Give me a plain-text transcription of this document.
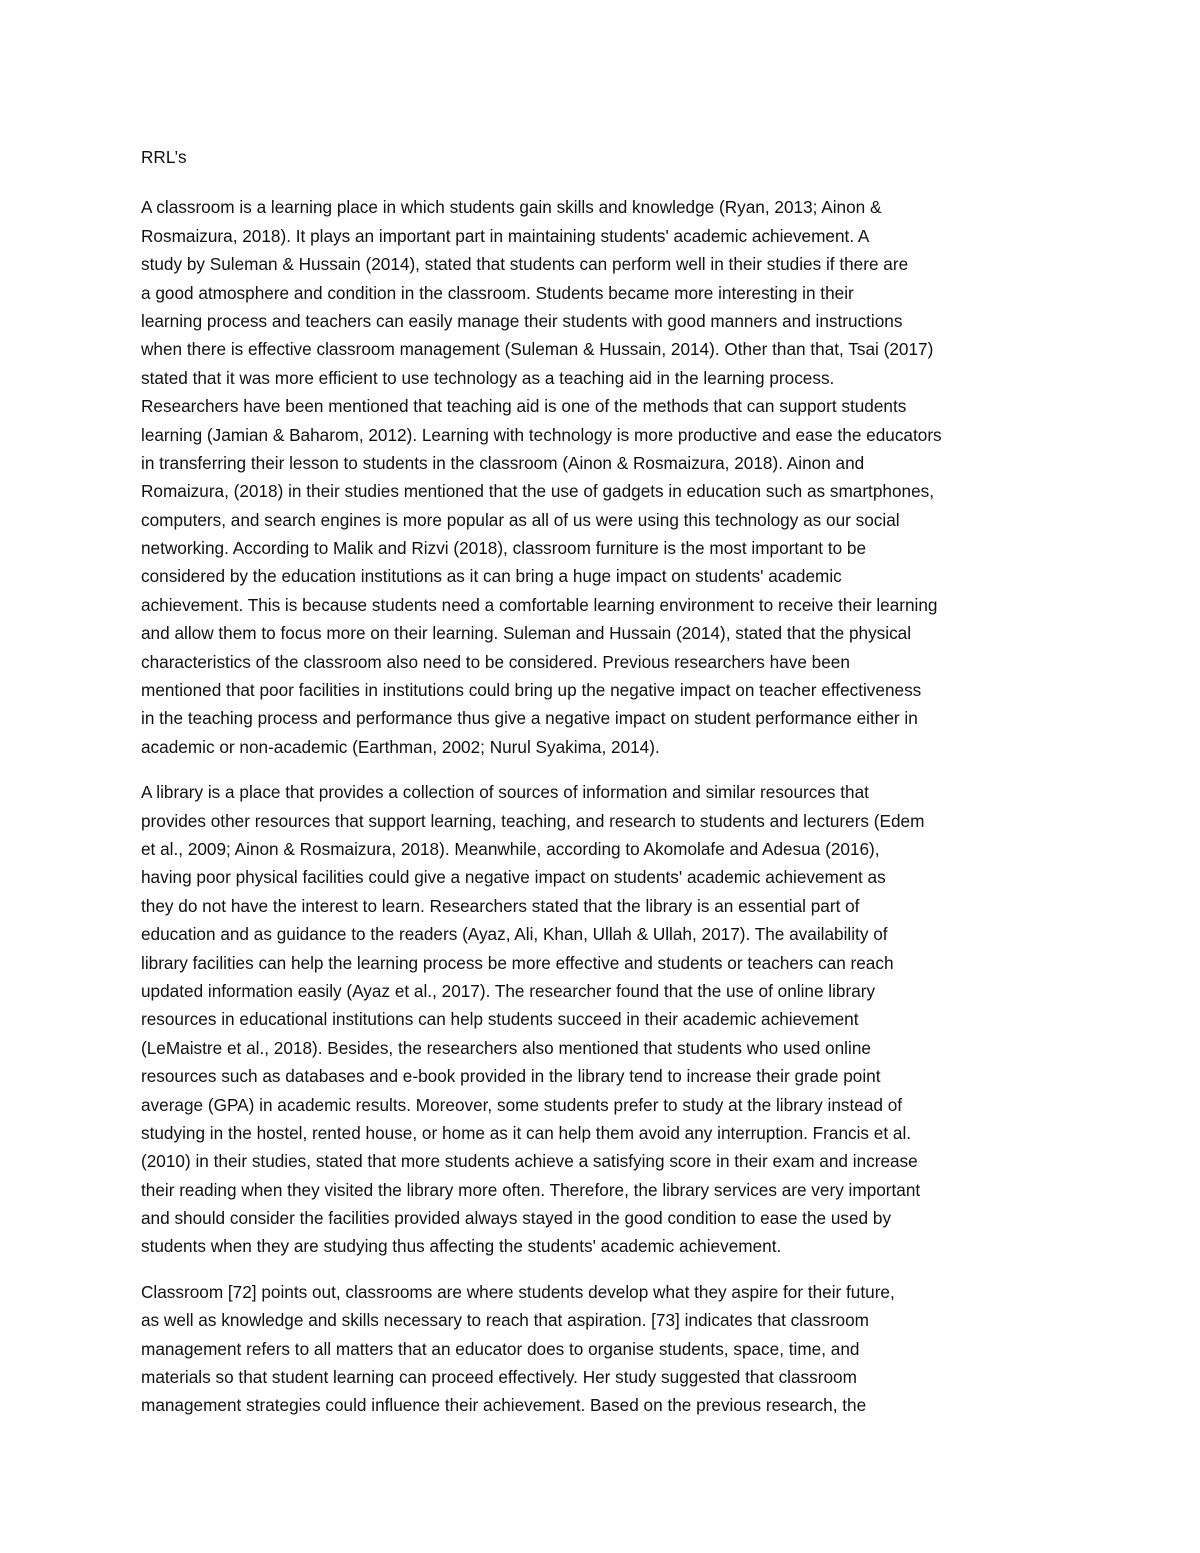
RRL’s
A classroom is a learning place in which students gain skills and knowledge (Ryan, 2013; Ainon &
Rosmaizura, 2018). It plays an important part in maintaining students' academic achievement. A
study by Suleman & Hussain (2014), stated that students can perform well in their studies if there are
a good atmosphere and condition in the classroom. Students became more interesting in their
learning process and teachers can easily manage their students with good manners and instructions
when there is effective classroom management (Suleman & Hussain, 2014). Other than that, Tsai (2017)
stated that it was more efficient to use technology as a teaching aid in the learning process.
Researchers have been mentioned that teaching aid is one of the methods that can support students
learning (Jamian & Baharom, 2012). Learning with technology is more productive and ease the educators
in transferring their lesson to students in the classroom (Ainon & Rosmaizura, 2018). Ainon and
Romaizura, (2018) in their studies mentioned that the use of gadgets in education such as smartphones,
computers, and search engines is more popular as all of us were using this technology as our social
networking. According to Malik and Rizvi (2018), classroom furniture is the most important to be
considered by the education institutions as it can bring a huge impact on students' academic
achievement. This is because students need a comfortable learning environment to receive their learning
and allow them to focus more on their learning. Suleman and Hussain (2014), stated that the physical
characteristics of the classroom also need to be considered. Previous researchers have been
mentioned that poor facilities in institutions could bring up the negative impact on teacher effectiveness
in the teaching process and performance thus give a negative impact on student performance either in
academic or non-academic (Earthman, 2002; Nurul Syakima, 2014).
A library is a place that provides a collection of sources of information and similar resources that
provides other resources that support learning, teaching, and research to students and lecturers (Edem
et al., 2009; Ainon & Rosmaizura, 2018). Meanwhile, according to Akomolafe and Adesua (2016),
having poor physical facilities could give a negative impact on students' academic achievement as
they do not have the interest to learn. Researchers stated that the library is an essential part of
education and as guidance to the readers (Ayaz, Ali, Khan, Ullah & Ullah, 2017). The availability of
library facilities can help the learning process be more effective and students or teachers can reach
updated information easily (Ayaz et al., 2017). The researcher found that the use of online library
resources in educational institutions can help students succeed in their academic achievement
(LeMaistre et al., 2018). Besides, the researchers also mentioned that students who used online
resources such as databases and e-book provided in the library tend to increase their grade point
average (GPA) in academic results. Moreover, some students prefer to study at the library instead of
studying in the hostel, rented house, or home as it can help them avoid any interruption. Francis et al.
(2010) in their studies, stated that more students achieve a satisfying score in their exam and increase
their reading when they visited the library more often. Therefore, the library services are very important
and should consider the facilities provided always stayed in the good condition to ease the used by
students when they are studying thus affecting the students' academic achievement.
Classroom [72] points out, classrooms are where students develop what they aspire for their future,
as well as knowledge and skills necessary to reach that aspiration. [73] indicates that classroom
management refers to all matters that an educator does to organise students, space, time, and
materials so that student learning can proceed effectively. Her study suggested that classroom
management strategies could influence their achievement. Based on the previous research, the
